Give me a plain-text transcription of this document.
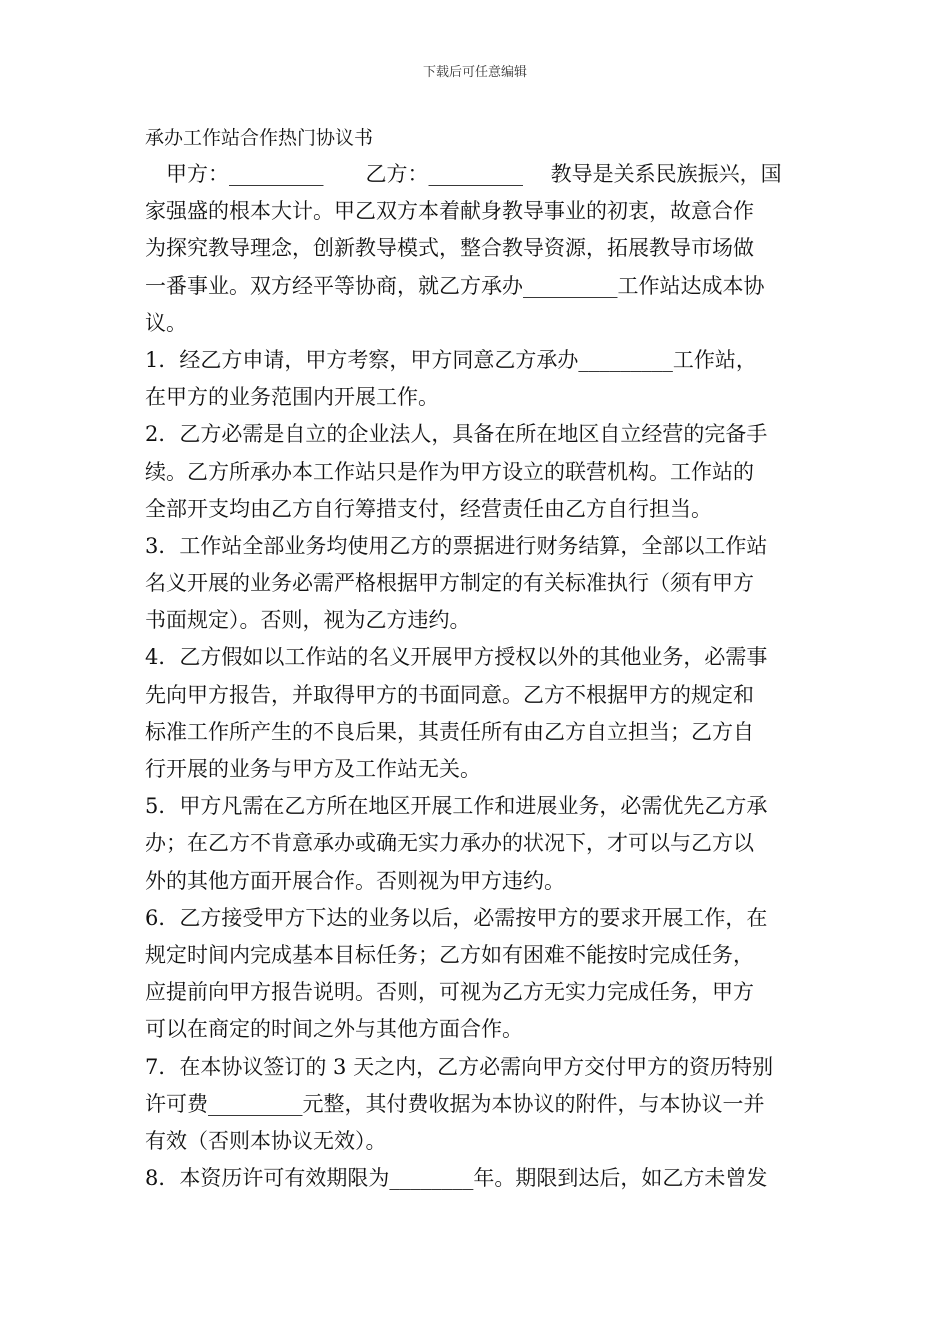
下载后可任意编辑
承办工作站合作热门协议书
　甲方：_________　　乙方：_________　 教导是关系民族振兴，国
家强盛的根本大计。甲乙双方本着献身教导事业的初衷，故意合作
为探究教导理念，创新教导模式，整合教导资源，拓展教导市场做
一番事业。双方经平等协商，就乙方承办_________工作站达成本协
议。
1．经乙方申请，甲方考察，甲方同意乙方承办_________工作站，
在甲方的业务范围内开展工作。
2．乙方必需是自立的企业法人，具备在所在地区自立经营的完备手
续。乙方所承办本工作站只是作为甲方设立的联营机构。工作站的
全部开支均由乙方自行筹措支付，经营责任由乙方自行担当。
3．工作站全部业务均使用乙方的票据进行财务结算，全部以工作站
名义开展的业务必需严格根据甲方制定的有关标准执行（须有甲方
书面规定）。否则，视为乙方违约。
4．乙方假如以工作站的名义开展甲方授权以外的其他业务，必需事
先向甲方报告，并取得甲方的书面同意。乙方不根据甲方的规定和
标准工作所产生的不良后果，其责任所有由乙方自立担当；乙方自
行开展的业务与甲方及工作站无关。
5．甲方凡需在乙方所在地区开展工作和进展业务，必需优先乙方承
办；在乙方不肯意承办或确无实力承办的状况下，才可以与乙方以
外的其他方面开展合作。否则视为甲方违约。
6．乙方接受甲方下达的业务以后，必需按甲方的要求开展工作，在
规定时间内完成基本目标任务；乙方如有困难不能按时完成任务，
应提前向甲方报告说明。否则，可视为乙方无实力完成任务，甲方
可以在商定的时间之外与其他方面合作。
7．在本协议签订的 3 天之内，乙方必需向甲方交付甲方的资历特别
许可费_________元整，其付费收据为本协议的附件，与本协议一并
有效（否则本协议无效）。
8．本资历许可有效期限为________年。期限到达后，如乙方未曾发
